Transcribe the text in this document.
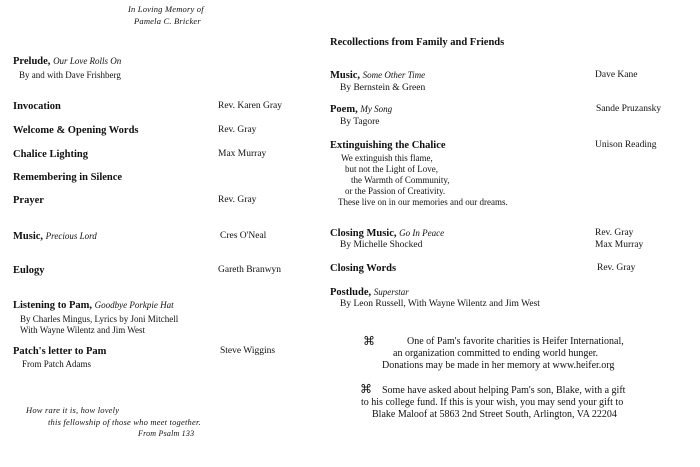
In Loving Memory of
Pamela C. Bricker
Prelude, Our Love Rolls On
By and with Dave Frishberg
Invocation	Rev. Karen Gray
Welcome & Opening Words	Rev. Gray
Chalice Lighting	Max Murray
Remembering in Silence
Prayer	Rev. Gray
Music, Precious Lord	Cres O'Neal
Eulogy	Gareth Branwyn
Listening to Pam, Goodbye Porkpie Hat
By Charles Mingus, Lyrics by Joni Mitchell
With Wayne Wilentz and Jim West
Patch's letter to Pam	Steve Wiggins
From Patch Adams
How rare it is, how lovely
this fellowship of those who meet together.
From Psalm 133
Recollections from Family and Friends
Music, Some Other Time	Dave Kane
By Bernstein & Green
Poem, My Song	Sande Pruzansky
By Tagore
Extinguishing the Chalice	Unison Reading
We extinguish this flame,
but not the Light of Love,
the Warmth of Community,
or the Passion of Creativity.
These live on in our memories and our dreams.
Closing Music, Go In Peace	Rev. Gray
Max Murray
By Michelle Shocked
Closing Words	Rev. Gray
Postlude, Superstar
By Leon Russell, With Wayne Wilentz and Jim West
⌘	One of Pam's favorite charities is Heifer International,
an organization committed to ending world hunger.
Donations may be made in her memory at www.heifer.org
⌘ Some have asked about helping Pam's son, Blake, with a gift
to his college fund. If this is your wish, you may send your gift to
Blake Maloof at 5863 2nd Street South, Arlington, VA 22204
